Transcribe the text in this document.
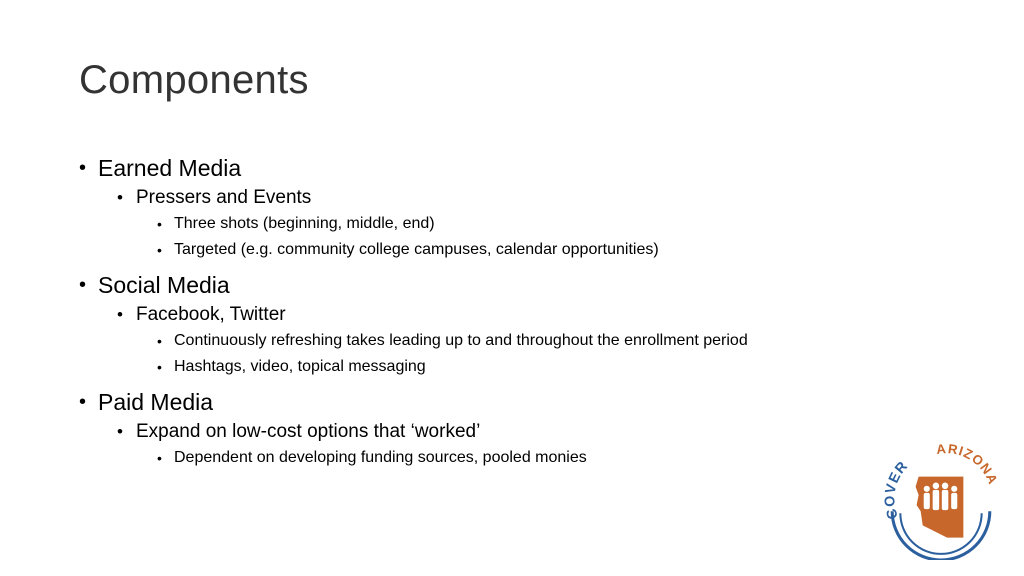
Components
• Earned Media
• Pressers and Events
• Three shots (beginning, middle, end)
• Targeted (e.g. community college campuses, calendar opportunities)
• Social Media
• Facebook, Twitter
• Continuously refreshing takes leading up to and throughout the enrollment period
• Hashtags, video, topical messaging
• Paid Media
• Expand on low-cost options that ‘worked’
• Dependent on developing funding sources, pooled monies
COVER
ARIZONA
